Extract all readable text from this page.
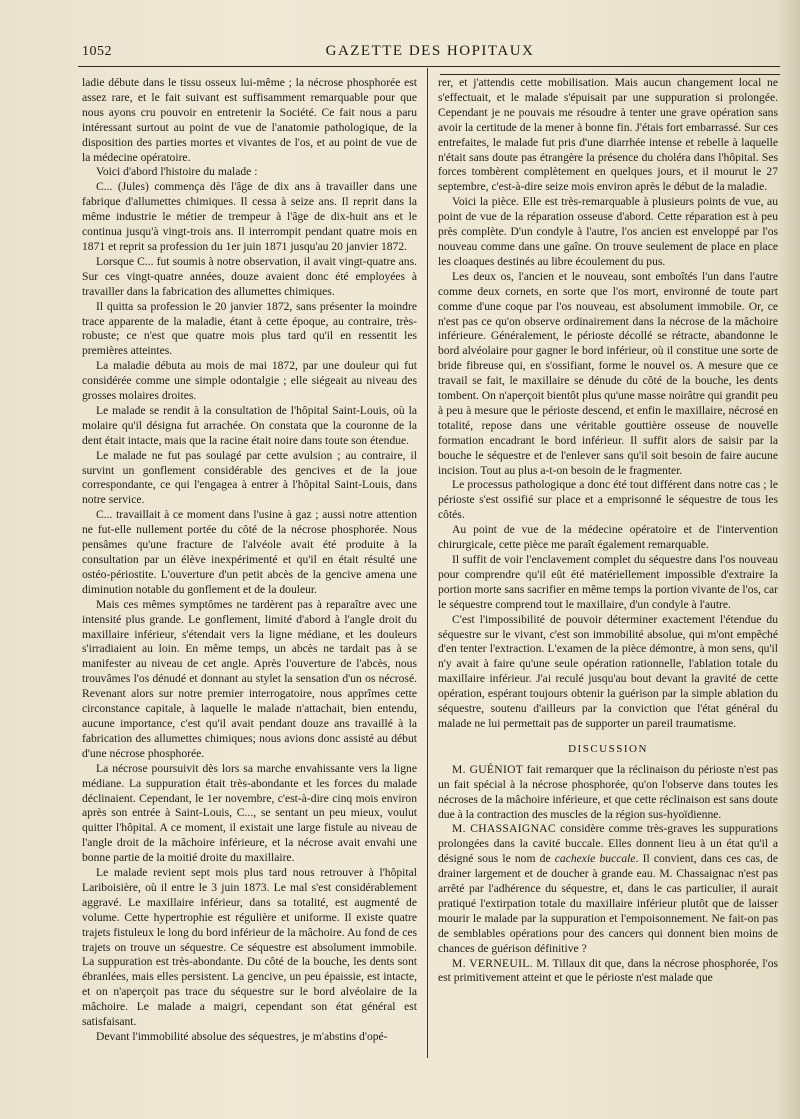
1052	GAZETTE DES HOPITAUX

ladie débute dans le tissu osseux lui-même ; la nécrose phosphorée est assez rare, et le fait suivant est suffisamment remarquable pour que nous ayons cru pouvoir en entretenir la Société. Ce fait nous a paru intéressant surtout au point de vue de l'anatomie pathologique, de la disposition des parties mortes et vivantes de l'os, et au point de vue de la médecine opératoire.

Voici d'abord l'histoire du malade :

C... (Jules) commença dès l'âge de dix ans à travailler dans une fabrique d'allumettes chimiques. Il cessa à seize ans. Il reprit dans la même industrie le métier de trempeur à l'âge de dix-huit ans et le continua jusqu'à vingt-trois ans. Il interrompit pendant quatre mois en 1871 et reprit sa profession du 1er juin 1871 jusqu'au 20 janvier 1872.

Lorsque C... fut soumis à notre observation, il avait vingt-quatre ans. Sur ces vingt-quatre années, douze avaient donc été employées à travailler dans la fabrication des allumettes chimiques.

Il quitta sa profession le 20 janvier 1872, sans présenter la moindre trace apparente de la maladie, étant à cette époque, au contraire, très-robuste; ce n'est que quatre mois plus tard qu'il en ressentit les premières atteintes.

La maladie débuta au mois de mai 1872, par une douleur qui fut considérée comme une simple odontalgie ; elle siégeait au niveau des grosses molaires droites.

Le malade se rendit à la consultation de l'hôpital Saint-Louis, où la molaire qu'il désigna fut arrachée. On constata que la couronne de la dent était intacte, mais que la racine était noire dans toute son étendue.

Le malade ne fut pas soulagé par cette avulsion ; au contraire, il survint un gonflement considérable des gencives et de la joue correspondante, ce qui l'engagea à entrer à l'hôpital Saint-Louis, dans notre service.

C... travaillait à ce moment dans l'usine à gaz ; aussi notre attention ne fut-elle nullement portée du côté de la nécrose phosphorée. Nous pensâmes qu'une fracture de l'alvéole avait été produite à la consultation par un élève inexpérimenté et qu'il en était résulté une ostéo-périostite. L'ouverture d'un petit abcès de la gencive amena une diminution notable du gonflement et de la douleur.

Mais ces mêmes symptômes ne tardèrent pas à reparaître avec une intensité plus grande. Le gonflement, limité d'abord à l'angle droit du maxillaire inférieur, s'étendait vers la ligne médiane, et les douleurs s'irradiaient au loin. En même temps, un abcès ne tardait pas à se manifester au niveau de cet angle. Après l'ouverture de l'abcès, nous trouvâmes l'os dénudé et donnant au stylet la sensation d'un os nécrosé. Revenant alors sur notre premier interrogatoire, nous apprîmes cette circonstance capitale, à laquelle le malade n'attachait, bien entendu, aucune importance, c'est qu'il avait pendant douze ans travaillé à la fabrication des allumettes chimiques; nous avions donc assisté au début d'une nécrose phosphorée.

La nécrose poursuivit dès lors sa marche envahissante vers la ligne médiane. La suppuration était très-abondante et les forces du malade déclinaient. Cependant, le 1er novembre, c'est-à-dire cinq mois environ après son entrée à Saint-Louis, C..., se sentant un peu mieux, voulut quitter l'hôpital. A ce moment, il existait une large fistule au niveau de l'angle droit de la mâchoire inférieure, et la nécrose avait envahi une bonne partie de la moitié droite du maxillaire.

Le malade revient sept mois plus tard nous retrouver à l'hôpital Lariboisière, où il entre le 3 juin 1873. Le mal s'est considérablement aggravé. Le maxillaire inférieur, dans sa totalité, est augmenté de volume. Cette hypertrophie est régulière et uniforme. Il existe quatre trajets fistuleux le long du bord inférieur de la mâchoire. Au fond de ces trajets on trouve un séquestre. Ce séquestre est absolument immobile. La suppuration est très-abondante. Du côté de la bouche, les dents sont ébranlées, mais elles persistent. La gencive, un peu épaissie, est intacte, et on n'aperçoit pas trace du séquestre sur le bord alvéolaire de la mâchoire. Le malade a maigri, cependant son état général est satisfaisant.

Devant l'immobilité absolue des séquestres, je m'abstins d'opé-

rer, et j'attendis cette mobilisation. Mais aucun changement local ne s'effectuait, et le malade s'épuisait par une suppuration si prolongée. Cependant je ne pouvais me résoudre à tenter une grave opération sans avoir la certitude de la mener à bonne fin. J'étais fort embarrassé. Sur ces entrefaites, le malade fut pris d'une diarrhée intense et rebelle à laquelle n'était sans doute pas étrangère la présence du choléra dans l'hôpital. Ses forces tombèrent complètement en quelques jours, et il mourut le 27 septembre, c'est-à-dire seize mois environ après le début de la maladie.

Voici la pièce. Elle est très-remarquable à plusieurs points de vue, au point de vue de la réparation osseuse d'abord. Cette réparation est à peu près complète. D'un condyle à l'autre, l'os ancien est enveloppé par l'os nouveau comme dans une gaîne. On trouve seulement de place en place les cloaques destinés au libre écoulement du pus.

Les deux os, l'ancien et le nouveau, sont emboîtés l'un dans l'autre comme deux cornets, en sorte que l'os mort, environné de toute part comme d'une coque par l'os nouveau, est absolument immobile. Or, ce n'est pas ce qu'on observe ordinairement dans la nécrose de la mâchoire inférieure. Généralement, le périoste décollé se rétracte, abandonne le bord alvéolaire pour gagner le bord inférieur, où il constitue une sorte de bride fibreuse qui, en s'ossifiant, forme le nouvel os. A mesure que ce travail se fait, le maxillaire se dénude du côté de la bouche, les dents tombent. On n'aperçoit bientôt plus qu'une masse noirâtre qui grandit peu à peu à mesure que le périoste descend, et enfin le maxillaire, nécrosé en totalité, repose dans une véritable gouttière osseuse de nouvelle formation encadrant le bord inférieur. Il suffit alors de saisir par la bouche le séquestre et de l'enlever sans qu'il soit besoin de faire aucune incision. Tout au plus a-t-on besoin de le fragmenter.

Le processus pathologique a donc été tout différent dans notre cas ; le périoste s'est ossifié sur place et a emprisonné le séquestre de tous les côtés.

Au point de vue de la médecine opératoire et de l'intervention chirurgicale, cette pièce me paraît également remarquable.

Il suffit de voir l'enclavement complet du séquestre dans l'os nouveau pour comprendre qu'il eût été matériellement impossible d'extraire la portion morte sans sacrifier en même temps la portion vivante de l'os, car le séquestre comprend tout le maxillaire, d'un condyle à l'autre.

C'est l'impossibilité de pouvoir déterminer exactement l'étendue du séquestre sur le vivant, c'est son immobilité absolue, qui m'ont empêché d'en tenter l'extraction. L'examen de la pièce démontre, à mon sens, qu'il n'y avait à faire qu'une seule opération rationnelle, l'ablation totale du maxillaire inférieur. J'ai reculé jusqu'au bout devant la gravité de cette opération, espérant toujours obtenir la guérison par la simple ablation du séquestre, soutenu d'ailleurs par la conviction que l'état général du malade ne lui permettait pas de supporter un pareil traumatisme.

DISCUSSION

M. GUÉNIOT fait remarquer que la réclinaison du périoste n'est pas un fait spécial à la nécrose phosphorée, qu'on l'observe dans toutes les nécroses de la mâchoire inférieure, et que cette réclinaison est sans doute due à la contraction des muscles de la région sus-hyoïdienne.

M. CHASSAIGNAC considère comme très-graves les suppurations prolongées dans la cavité buccale. Elles donnent lieu à un état qu'il a désigné sous le nom de cachexie buccale. Il convient, dans ces cas, de drainer largement et de doucher à grande eau. M. Chassaignac n'est pas arrêté par l'adhérence du séquestre, et, dans le cas particulier, il aurait pratiqué l'extirpation totale du maxillaire inférieur plutôt que de laisser mourir le malade par la suppuration et l'empoisonnement. Ne fait-on pas de semblables opérations pour des cancers qui donnent bien moins de chances de guérison définitive ?

M. VERNEUIL. M. Tillaux dit que, dans la nécrose phosphorée, l'os est primitivement atteint et que le périoste n'est malade que
